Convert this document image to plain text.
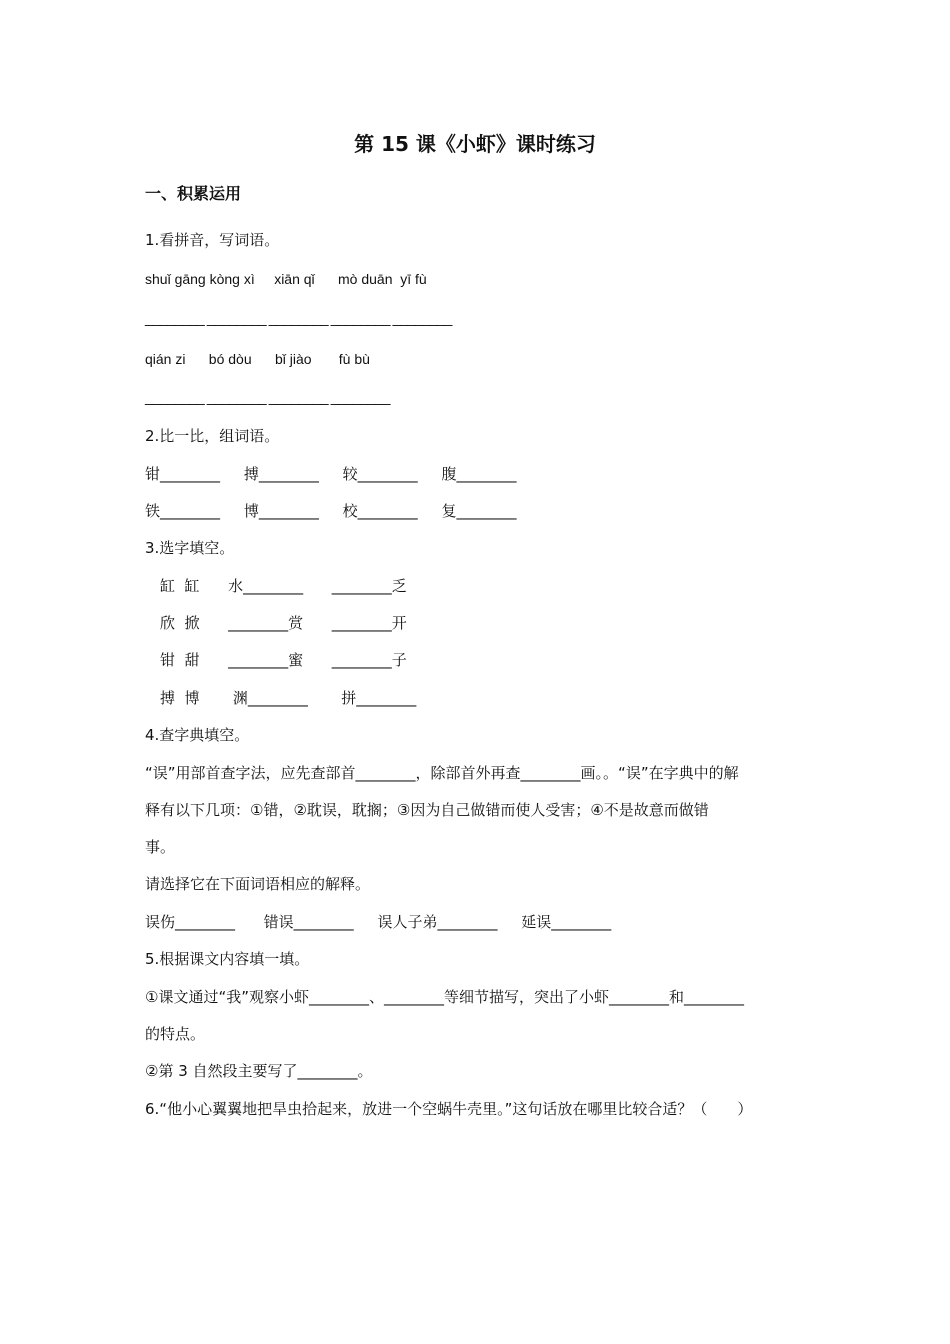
第 15 课《小虾》课时练习
一、积累运用
1.看拼音，写词语。
shuǐ gāng kòng xì     xiān qǐ      mò duān  yī fù
________ ________ ________ ________ ________
qián zi      bó dòu      bǐ jiào       fù bù
________ ________ ________ ________
2.比一比，组词语。
钳________     搏________     较________     腹________
铁________     博________     校________     复________
3.选字填空。
缸  缸      水________      ________乏
欣  掀      ________赏      ________开
钳  甜      ________蜜      ________子
搏  博       渊________       拼________
4.查字典填空。
“误”用部首查字法，应先查部首________，除部首外再查________画。。“误”在字典中的解
释有以下几项：①错，②耽误，耽搁；③因为自己做错而使人受害；④不是故意而做错
事。
请选择它在下面词语相应的解释。
误伤________      错误________     误人子弟________     延误________
5.根据课文内容填一填。
①课文通过“我”观察小虾________、________等细节描写，突出了小虾________和________
的特点。
②第 3 自然段主要写了________。
6.“他小心翼翼地把旱虫拾起来，放进一个空蜗牛壳里。”这句话放在哪里比较合适？（　　）
